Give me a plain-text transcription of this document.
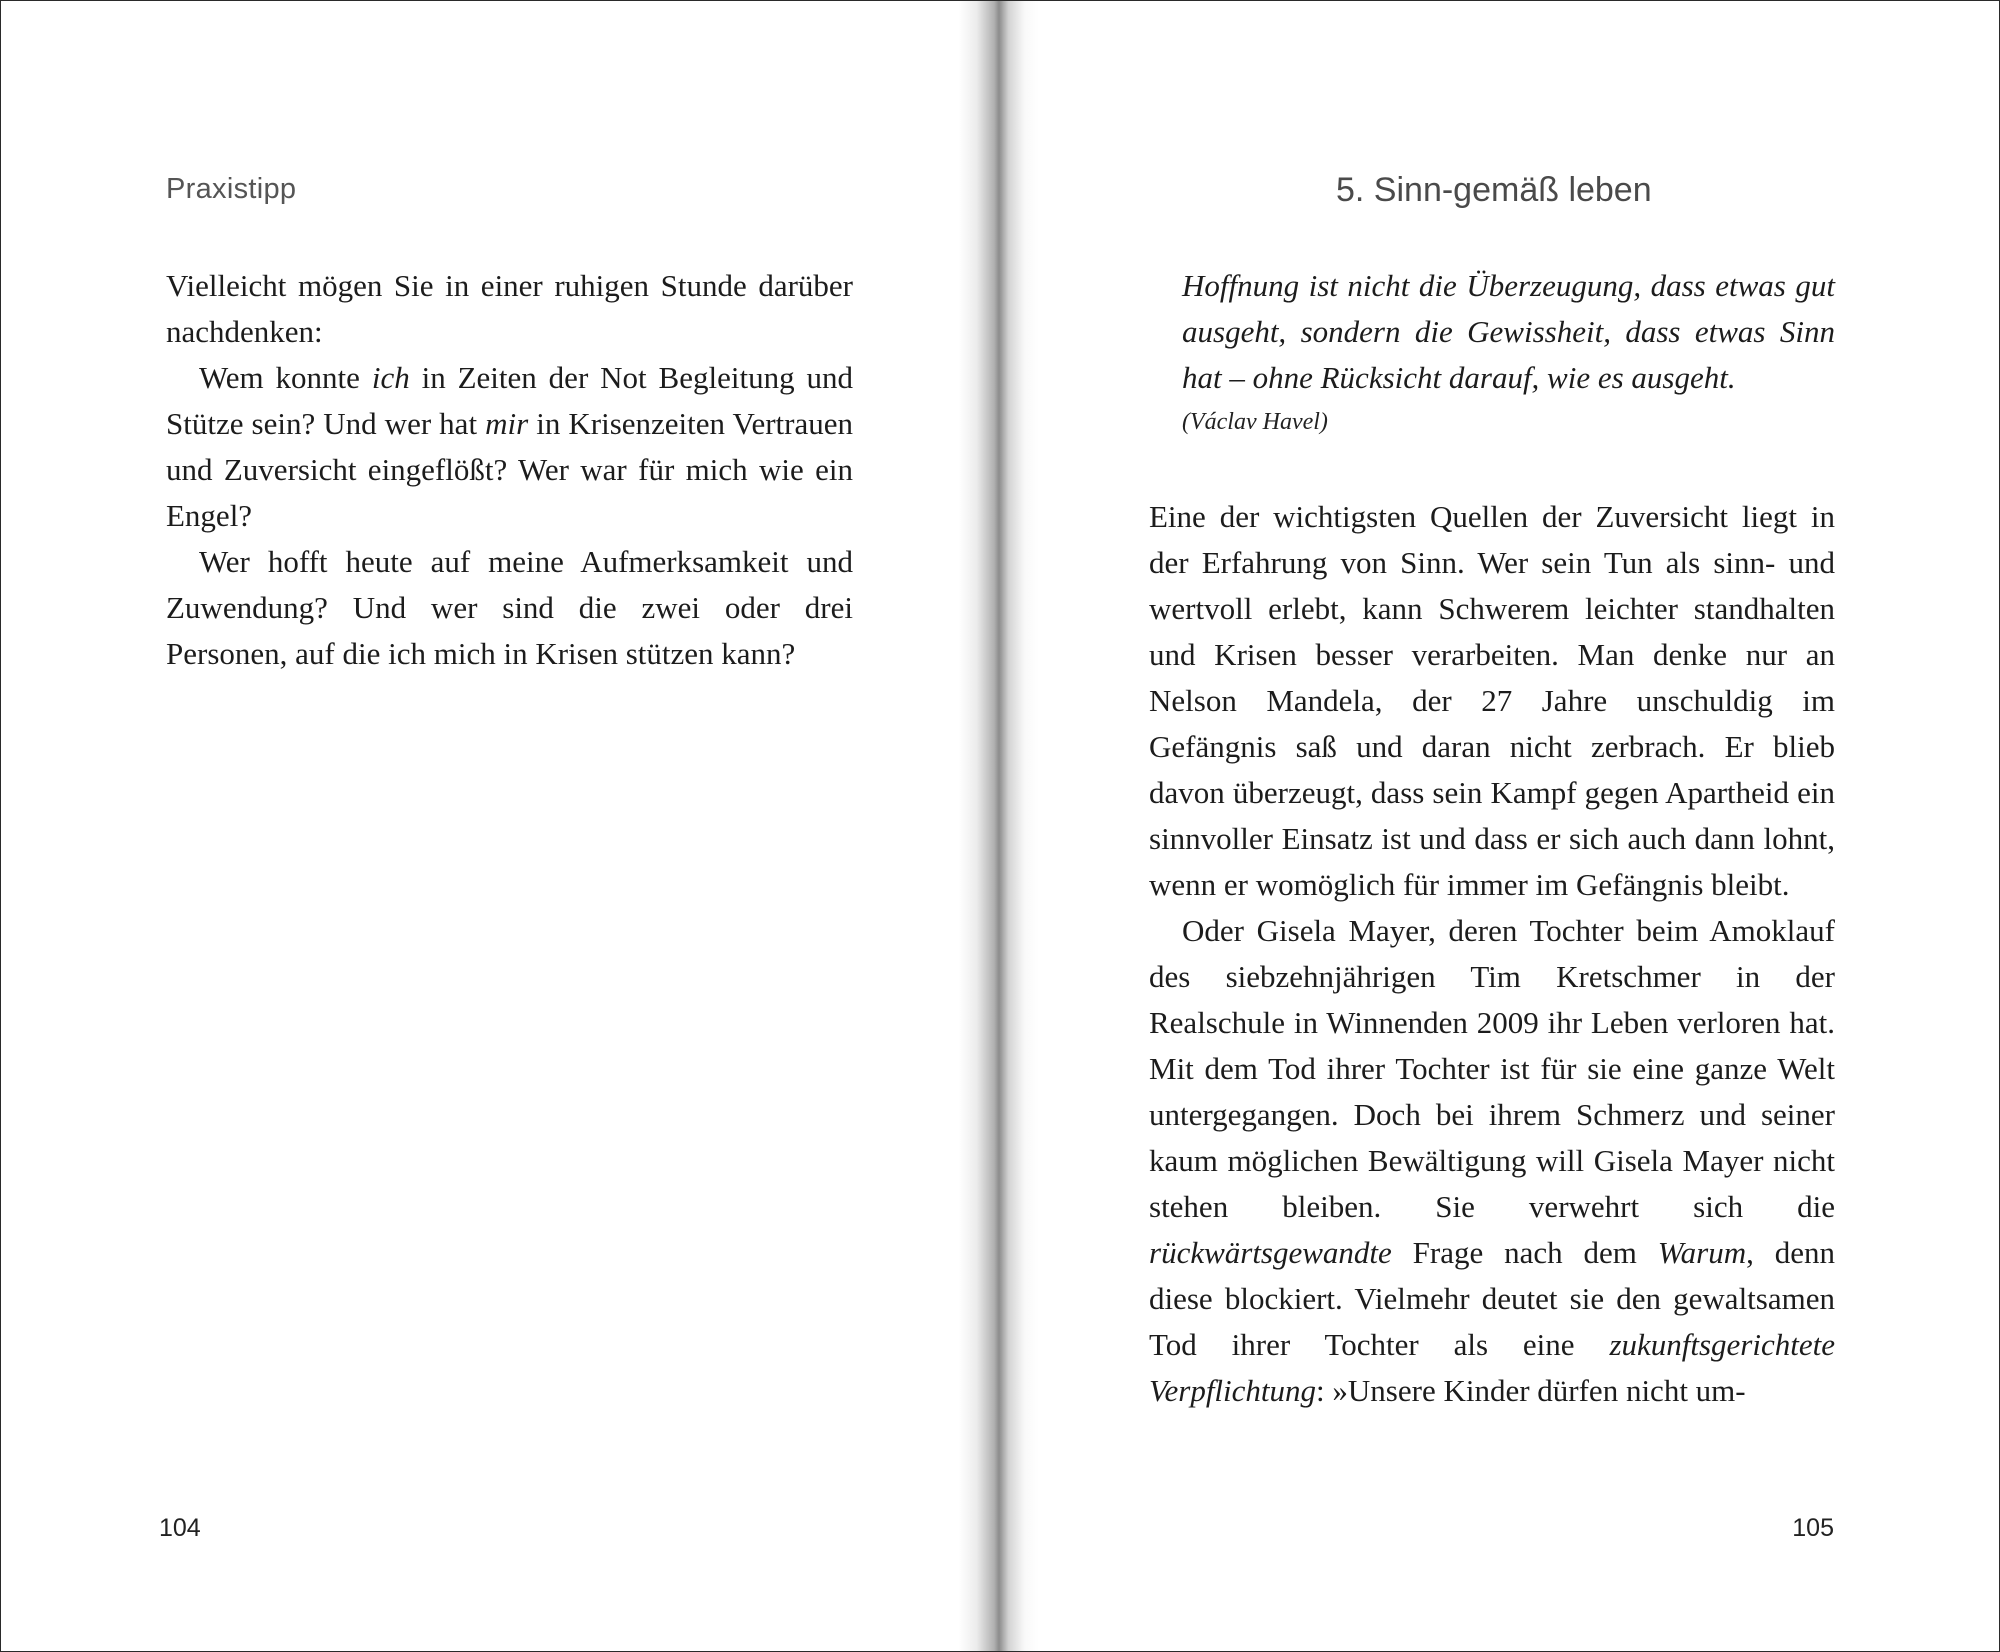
Praxistipp

Vielleicht mögen Sie in einer ruhigen Stunde darüber nachdenken:

Wem konnte ich in Zeiten der Not Begleitung und Stütze sein? Und wer hat mir in Krisenzeiten Vertrauen und Zuversicht eingeflößt? Wer war für mich wie ein Engel?

Wer hofft heute auf meine Aufmerksamkeit und Zuwendung? Und wer sind die zwei oder drei Personen, auf die ich mich in Krisen stützen kann?

104
5. Sinn-gemäß leben
Hoffnung ist nicht die Überzeugung, dass etwas gut ausgeht, sondern die Gewissheit, dass etwas Sinn hat – ohne Rücksicht darauf, wie es ausgeht.
(Václav Havel)

Eine der wichtigsten Quellen der Zuversicht liegt in der Erfahrung von Sinn. Wer sein Tun als sinn- und wertvoll erlebt, kann Schwerem leichter standhalten und Krisen besser verarbeiten. Man denke nur an Nelson Mandela, der 27 Jahre unschuldig im Gefängnis saß und daran nicht zerbrach. Er blieb davon überzeugt, dass sein Kampf gegen Apartheid ein sinnvoller Einsatz ist und dass er sich auch dann lohnt, wenn er womöglich für immer im Gefängnis bleibt.

Oder Gisela Mayer, deren Tochter beim Amoklauf des siebzehnjährigen Tim Kretschmer in der Realschule in Winnenden 2009 ihr Leben verloren hat. Mit dem Tod ihrer Tochter ist für sie eine ganze Welt untergegangen. Doch bei ihrem Schmerz und seiner kaum möglichen Bewältigung will Gisela Mayer nicht stehen bleiben. Sie verwehrt sich die rückwärtsgewandte Frage nach dem Warum, denn diese blockiert. Vielmehr deutet sie den gewaltsamen Tod ihrer Tochter als eine zukunftsgerichtete Verpflichtung: »Unsere Kinder dürfen nicht um-

105
